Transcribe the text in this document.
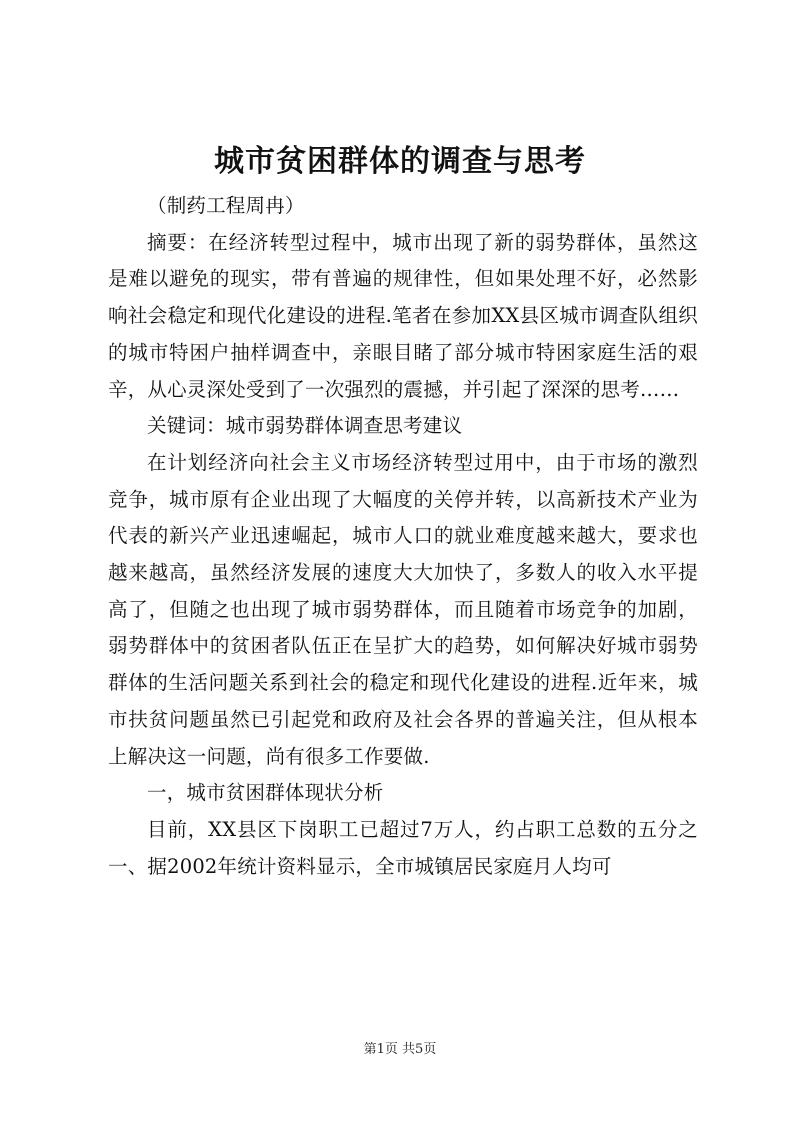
城市贫困群体的调查与思考

（制药工程周冉）

摘要：在经济转型过程中，城市出现了新的弱势群体，虽然这是难以避免的现实，带有普遍的规律性，但如果处理不好，必然影响社会稳定和现代化建设的进程.笔者在参加XX县区城市调查队组织的城市特困户抽样调查中，亲眼目睹了部分城市特困家庭生活的艰辛，从心灵深处受到了一次强烈的震撼，并引起了深深的思考……

关键词：城市弱势群体调查思考建议

在计划经济向社会主义市场经济转型过用中，由于市场的激烈竞争，城市原有企业出现了大幅度的关停并转，以高新技术产业为代表的新兴产业迅速崛起，城市人口的就业难度越来越大，要求也越来越高，虽然经济发展的速度大大加快了，多数人的收入水平提高了，但随之也出现了城市弱势群体，而且随着市场竞争的加剧，弱势群体中的贫困者队伍正在呈扩大的趋势，如何解决好城市弱势群体的生活问题关系到社会的稳定和现代化建设的进程.近年来，城市扶贫问题虽然已引起党和政府及社会各界的普遍关注，但从根本上解决这一问题，尚有很多工作要做.

一，城市贫困群体现状分析

目前，XX县区下岗职工已超过7万人，约占职工总数的五分之一、据2002年统计资料显示，全市城镇居民家庭月人均可

第1页 共5页
